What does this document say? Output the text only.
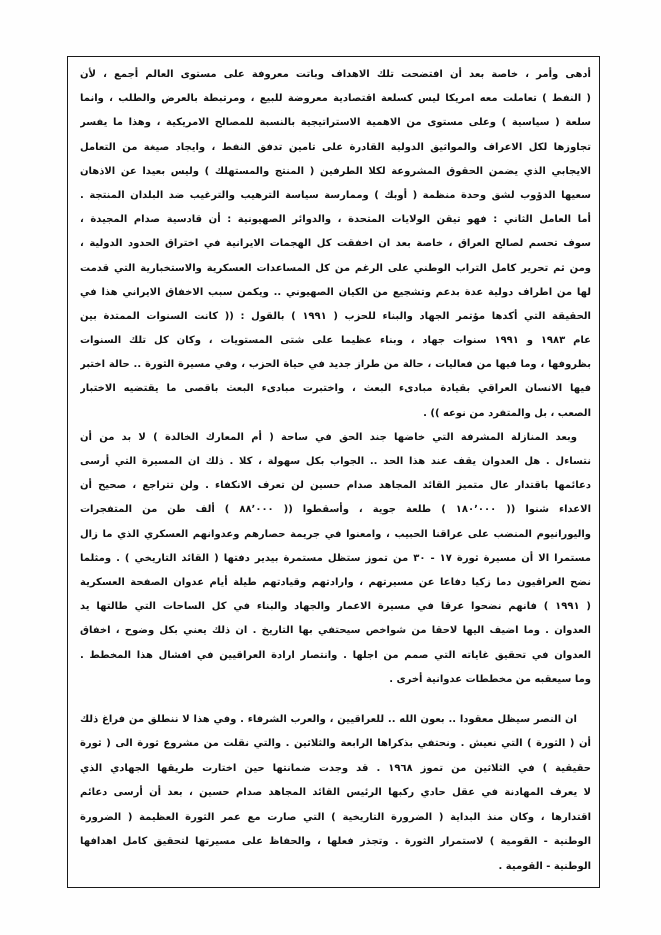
أدهى وأمر ، خاصة بعد أن افتضحت تلك الاهداف وباتت معروفة على مستوى العالم أجمع ، لأن
( النفط ) تعاملت معه امريكا ليس كسلعة اقتصادية معروضة للبيع ، ومرتبطة بالعرض والطلب ، وانما
سلعة ( سياسية ) وعلى مستوى من الاهمية الاستراتيجية بالنسبة للمصالح الامريكية ، وهذا ما يفسر
تجاوزها لكل الاعراف والمواثيق الدولية القادرة على تامين تدفق النفط ، وايجاد صيغة من التعامل
الايجابي الذي يضمن الحقوق المشروعة لكلا الطرفين ( المنتج والمستهلك ) وليس بعيدا عن الاذهان
سعيها الدؤوب لشق وحدة منظمة ( أوبك ) وممارسة سياسة الترهيب والترغيب ضد البلدان المنتجة .
أما العامل الثاني : فهو تيقن الولايات المتحدة ، والدوائر الصهيونية : أن قادسية صدام المجيدة ،
سوف تحسم لصالح العراق ، خاصة بعد ان اخفقت كل الهجمات الايرانية في اختراق الحدود الدولية ،
ومن ثم تحرير كامل التراب الوطني على الرغم من كل المساعدات العسكرية والاستخبارية التي قدمت
لها من اطراف دولية عدة بدعم وتشجيع من الكيان الصهيوني .. ويكمن سبب الاخفاق الايراني هذا في
الحقيقة التي أكدها مؤتمر الجهاد والبناء للحزب ( ١٩٩١ ) بالقول : (( كانت السنوات الممتدة بين
عام ١٩٨٣ و ١٩٩١ سنوات جهاد ، وبناء عظيما على شتى المستويات ، وكان كل تلك السنوات
بظروفها ، وما فيها من فعاليات ، حالة من طراز جديد في حياة الحزب ، وفي مسيرة الثورة .. حالة اختبر
فيها الانسان العراقي بقيادة مبادىء البعث ، واختبرت مبادىء البعث باقصى ما يقتضيه الاختبار
الصعب ، بل والمتفرد من نوعه )) .
وبعد المنازلة المشرفة التي خاضها جند الحق في ساحة ( أم المعارك الخالدة ) لا بد من أن
نتساءل . هل العدوان يقف عند هذا الحد .. الجواب بكل سهولة ، كلا . ذلك ان المسيرة التي أرسى
دعائمها باقتدار عال متميز القائد المجاهد صدام حسين لن تعرف الانكفاء . ولن تتراجع ، صحيح أن
الاعداء شنوا (( ١٨٠٬٠٠٠ ) طلعة جوية ، وأسقطوا (( ٨٨٬٠٠٠ ) ألف طن من المتفجرات
واليورانيوم المنضب على عراقنا الحبيب ، وامعنوا في جريمة حصارهم وعدوانهم العسكري الذي ما زال
مستمرا الا أن مسيرة ثورة ١٧ - ٣٠ من تموز ستظل مستمرة بيدير دفتها ( القائد التاريخي ) . ومثلما
نضح العراقيون دما زكيا دفاعا عن مسيرتهم ، وارادتهم وقيادتهم طيلة أيام عدوان الصفحة العسكرية
( ١٩٩١ ) فانهم نضحوا عرقا في مسيرة الاعمار والجهاد والبناء في كل الساحات التي طالتها يد
العدوان . وما اضيف اليها لاحقا من شواخص سيحتفي بها التاريخ . ان ذلك يعني بكل وضوح ، اخفاق
العدوان في تحقيق غاياته التي صمم من اجلها . وانتصار ارادة العراقيين في افشال هذا المخطط .
وما سيعقبه من مخططات عدوانية أخرى .
ان النصر سيظل معقودا .. بعون الله .. للعراقيين ، والعرب الشرفاء . وفي هذا لا ننطلق من فراغ ذلك
أن ( الثورة ) التي نعيش . ونحتفي بذكراها الرابعة والثلاثين . والتي نقلت من مشروع ثورة الى ( ثورة
حقيقية ) في الثلاثين من تموز ١٩٦٨ . قد وجدت ضمانتها حين اختارت طريقها الجهادي الذي
لا يعرف المهادنة في عقل حادي ركبها الرئيس القائد المجاهد صدام حسين ، بعد أن أرسى دعائم
اقتدارها ، وكان منذ البداية ( الضرورة التاريخية ) التي صارت مع عمر الثورة العظيمة ( الضرورة
الوطنية - القومية ) لاستمرار الثورة . وتجذر فعلها ، والحفاظ على مسيرتها لتحقيق كامل اهدافها
الوطنية - القومية .
